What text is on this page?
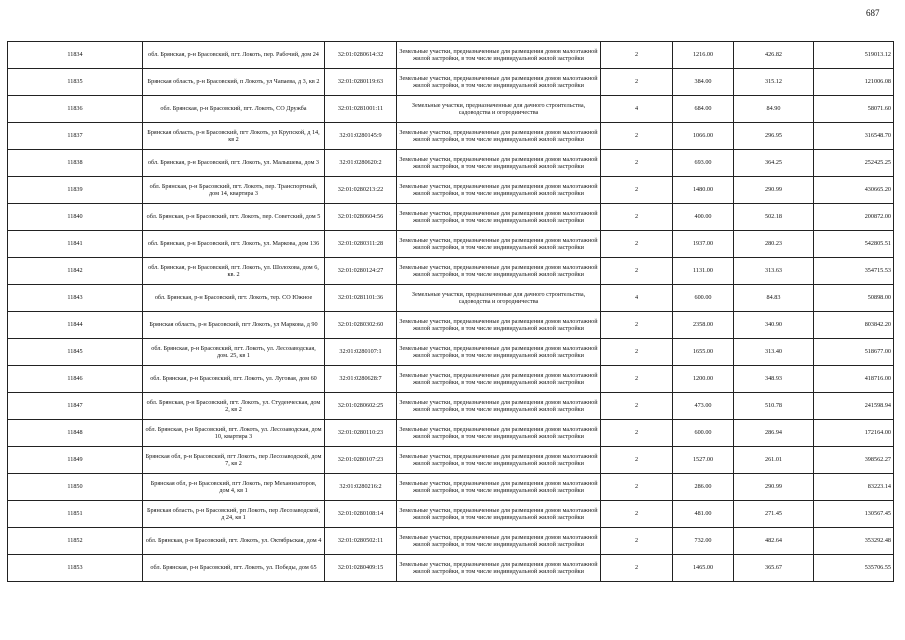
687
11834	обл. Брянская, р-н Брасовский, пгт. Локоть, пер. Рабочий, дом 24	32:01:0280614:32	Земельные участки, предназначенные для размещения домов малоэтажной жилой застройки, в том числе индивидуальной жилой застройки	2	1216.00	426.82	519013.12
11835	Брянская область, р-н Брасовский, п Локоть, ул Чапаева, д 3, кв 2	32:01:0280119:63	Земельные участки, предназначенные для размещения домов малоэтажной жилой застройки, в том числе индивидуальной жилой застройки	2	384.00	315.12	121006.08
11836	обл. Брянская, р-н Брасовский, пгт. Локоть, СО Дружба	32:01:0281001:11	Земельные участки, предназначенные для дачного строительства, садоводства и огородничества	4	684.00	84.90	58071.60
11837	Брянская область, р-н Брасовский, пгт Локоть, ул Крупской, д 14, кв 2	32:01:0280145:9	Земельные участки, предназначенные для размещения домов малоэтажной жилой застройки, в том числе индивидуальной жилой застройки	2	1066.00	296.95	316548.70
11838	обл. Брянская, р-н Брасовский, пгт. Локоть, ул. Малышева, дом 3	32:01:0280620:2	Земельные участки, предназначенные для размещения домов малоэтажной жилой застройки, в том числе индивидуальной жилой застройки	2	693.00	364.25	252425.25
11839	обл. Брянская, р-н Брасовский, пгт. Локоть, пер. Транспортный, дом 14, квартира 3	32:01:0280213:22	Земельные участки, предназначенные для размещения домов малоэтажной жилой застройки, в том числе индивидуальной жилой застройки	2	1480.00	290.99	430665.20
11840	обл. Брянская, р-н Брасовский, пгт. Локоть, пер. Советский, дом 5	32:01:0280604:56	Земельные участки, предназначенные для размещения домов малоэтажной жилой застройки, в том числе индивидуальной жилой застройки	2	400.00	502.18	200872.00
11841	обл. Брянская, р-н Брасовский, пгт. Локоть, ул. Маркова, дом 136	32:01:0280311:28	Земельные участки, предназначенные для размещения домов малоэтажной жилой застройки, в том числе индивидуальной жилой застройки	2	1937.00	280.23	542805.51
11842	обл. Брянская, р-н Брасовский, пгт. Локоть, ул. Шолохова, дом 6, кв. 2	32:01:0280124:27	Земельные участки, предназначенные для размещения домов малоэтажной жилой застройки, в том числе индивидуальной жилой застройки	2	1131.00	313.63	354715.53
11843	обл. Брянская, р-н Брасовский, пгт. Локоть, тер. СО Южное	32:01:0281101:36	Земельные участки, предназначенные для дачного строительства, садоводства и огородничества	4	600.00	84.83	50898.00
11844	Брянская область, р-н Брасовский, пгт Локоть, ул Маркова, д 90	32:01:0280302:60	Земельные участки, предназначенные для размещения домов малоэтажной жилой застройки, в том числе индивидуальной жилой застройки	2	2358.00	340.90	803842.20
11845	обл. Брянская, р-н Брасовский, пгт. Локоть, ул. Лесозаводская, дом. 25, кв 1	32:01:0280107:1	Земельные участки, предназначенные для размещения домов малоэтажной жилой застройки, в том числе индивидуальной жилой застройки	2	1655.00	313.40	518677.00
11846	обл. Брянская, р-н Брасовский, пгт. Локоть, ул. Луговая, дом 60	32:01:0280628:7	Земельные участки, предназначенные для размещения домов малоэтажной жилой застройки, в том числе индивидуальной жилой застройки	2	1200.00	348.93	418716.00
11847	обл. Брянская, р-н Брасовский, пгт. Локоть, ул. Студенческая, дом 2, кв 2	32:01:0280602:25	Земельные участки, предназначенные для размещения домов малоэтажной жилой застройки, в том числе индивидуальной жилой застройки	2	473.00	510.78	241598.94
11848	обл. Брянская, р-н Брасовский, пгт. Локоть, ул. Лесозаводская, дом 10, квартира 3	32:01:0280110:23	Земельные участки, предназначенные для размещения домов малоэтажной жилой застройки, в том числе индивидуальной жилой застройки	2	600.00	286.94	172164.00
11849	Брянская обл, р-н Брасовский, пгт Локоть, пер Лесозаводской, дом 7, кв 2	32:01:0280107:23	Земельные участки, предназначенные для размещения домов малоэтажной жилой застройки, в том числе индивидуальной жилой застройки	2	1527.00	261.01	398562.27
11850	Брянская обл, р-н Брасовский, пгт Локоть, пер Механизаторов, дом 4, кв 1	32:01:0280216:2	Земельные участки, предназначенные для размещения домов малоэтажной жилой застройки, в том числе индивидуальной жилой застройки	2	286.00	290.99	83223.14
11851	Брянская область, р-н Брасовский, рп Локоть, пер Лесозаводской, д 24, кв 1	32:01:0280108:14	Земельные участки, предназначенные для размещения домов малоэтажной жилой застройки, в том числе индивидуальной жилой застройки	2	481.00	271.45	130567.45
11852	обл. Брянская, р-н Брасовский, пгт. Локоть, ул. Октябрьская, дом 4	32:01:0280502:11	Земельные участки, предназначенные для размещения домов малоэтажной жилой застройки, в том числе индивидуальной жилой застройки	2	732.00	482.64	353292.48
11853	обл. Брянская, р-н Брасовский, пгт. Локоть, ул. Победы, дом 65	32:01:0280409:15	Земельные участки, предназначенные для размещения домов малоэтажной жилой застройки, в том числе индивидуальной жилой застройки	2	1465.00	365.67	535706.55
